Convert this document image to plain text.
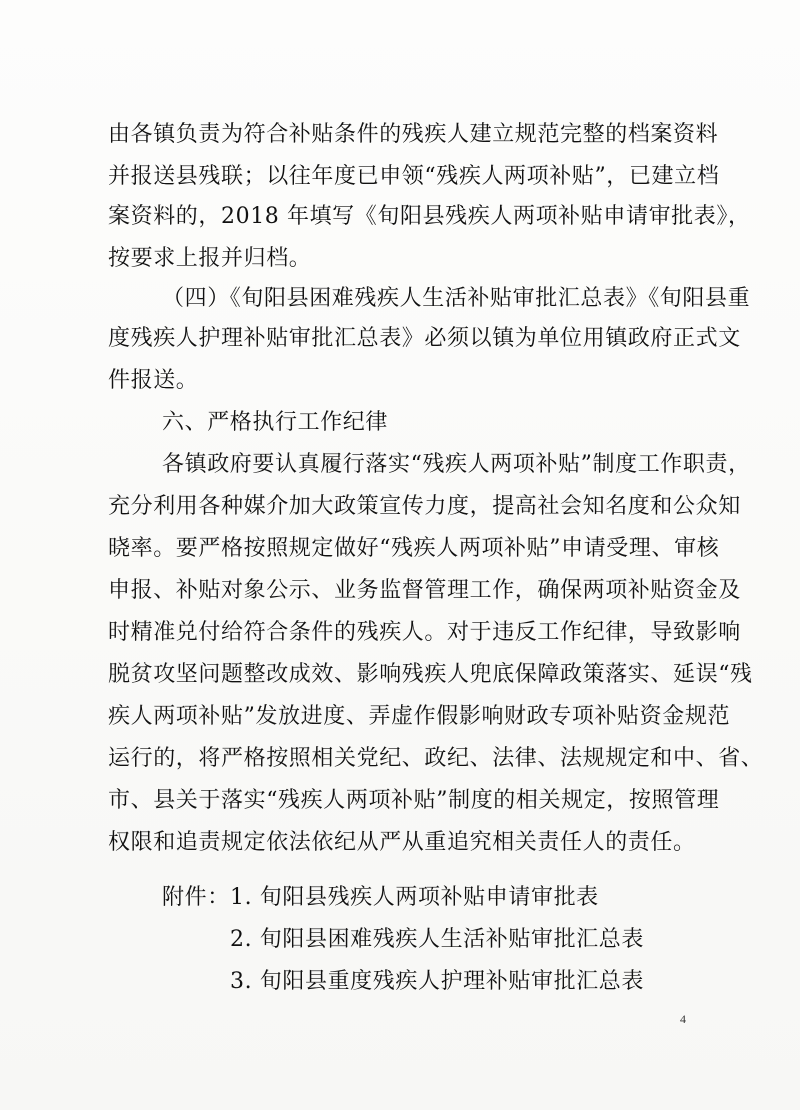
由各镇负责为符合补贴条件的残疾人建立规范完整的档案资料
并报送县残联；以往年度已申领“残疾人两项补贴”，已建立档
案资料的，2018 年填写《旬阳县残疾人两项补贴申请审批表》，
按要求上报并归档。
（四）《旬阳县困难残疾人生活补贴审批汇总表》《旬阳县重
度残疾人护理补贴审批汇总表》必须以镇为单位用镇政府正式文
件报送。
六、严格执行工作纪律
各镇政府要认真履行落实“残疾人两项补贴”制度工作职责，
充分利用各种媒介加大政策宣传力度，提高社会知名度和公众知
晓率。要严格按照规定做好“残疾人两项补贴”申请受理、审核
申报、补贴对象公示、业务监督管理工作，确保两项补贴资金及
时精准兑付给符合条件的残疾人。对于违反工作纪律，导致影响
脱贫攻坚问题整改成效、影响残疾人兜底保障政策落实、延误“残
疾人两项补贴”发放进度、弄虚作假影响财政专项补贴资金规范
运行的，将严格按照相关党纪、政纪、法律、法规规定和中、省、
市、县关于落实“残疾人两项补贴”制度的相关规定，按照管理
权限和追责规定依法依纪从严从重追究相关责任人的责任。
附件： 1. 旬阳县残疾人两项补贴申请审批表
2. 旬阳县困难残疾人生活补贴审批汇总表
3. 旬阳县重度残疾人护理补贴审批汇总表
4
